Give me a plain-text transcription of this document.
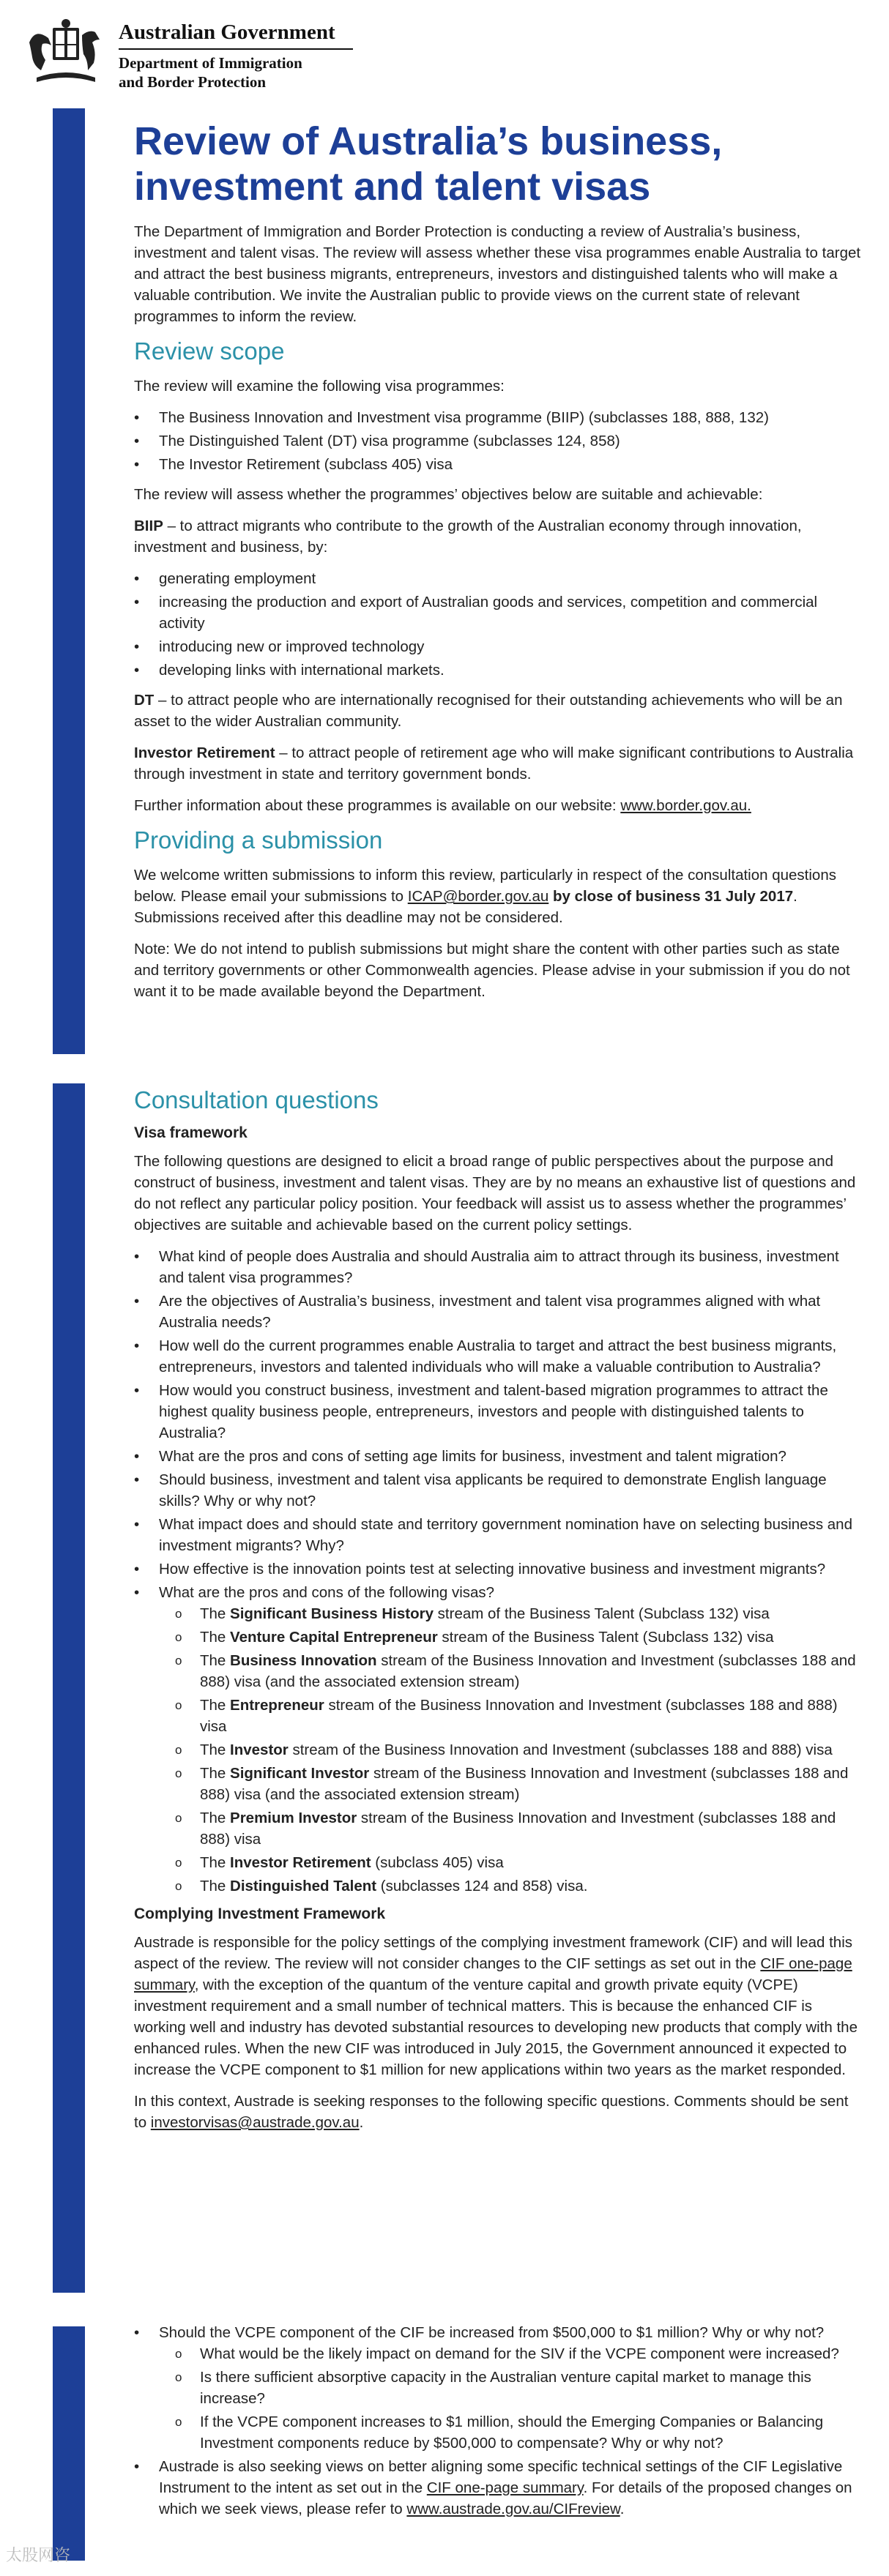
Australian Government
Department of Immigration
and Border Protection
Review of Australia’s business, investment and talent visas

The Department of Immigration and Border Protection is conducting a review of Australia’s business, investment and talent visas. The review will assess whether these visa programmes enable Australia to target and attract the best business migrants, entrepreneurs, investors and distinguished talents who will make a valuable contribution. We invite the Australian public to provide views on the current state of relevant programmes to inform the review.

Review scope

The review will examine the following visa programmes:

• The Business Innovation and Investment visa programme (BIIP) (subclasses 188, 888, 132)
• The Distinguished Talent (DT) visa programme (subclasses 124, 858)
• The Investor Retirement (subclass 405) visa

The review will assess whether the programmes’ objectives below are suitable and achievable:

BIIP – to attract migrants who contribute to the growth of the Australian economy through innovation, investment and business, by:

• generating employment
• increasing the production and export of Australian goods and services, competition and commercial activity
• introducing new or improved technology
• developing links with international markets.

DT – to attract people who are internationally recognised for their outstanding achievements who will be an asset to the wider Australian community.

Investor Retirement – to attract people of retirement age who will make significant contributions to Australia through investment in state and territory government bonds.

Further information about these programmes is available on our website: www.border.gov.au.

Providing a submission

We welcome written submissions to inform this review, particularly in respect of the consultation questions below. Please email your submissions to ICAP@border.gov.au by close of business 31 July 2017. Submissions received after this deadline may not be considered.

Note: We do not intend to publish submissions but might share the content with other parties such as state and territory governments or other Commonwealth agencies. Please advise in your submission if you do not want it to be made available beyond the Department.

Consultation questions
Visa framework

The following questions are designed to elicit a broad range of public perspectives about the purpose and construct of business, investment and talent visas. They are by no means an exhaustive list of questions and do not reflect any particular policy position. Your feedback will assist us to assess whether the programmes’ objectives are suitable and achievable based on the current policy settings.

• What kind of people does Australia and should Australia aim to attract through its business, investment and talent visa programmes?
• Are the objectives of Australia’s business, investment and talent visa programmes aligned with what Australia needs?
• How well do the current programmes enable Australia to target and attract the best business migrants, entrepreneurs, investors and talented individuals who will make a valuable contribution to Australia?
• How would you construct business, investment and talent-based migration programmes to attract the highest quality business people, entrepreneurs, investors and people with distinguished talents to Australia?
• What are the pros and cons of setting age limits for business, investment and talent migration?
• Should business, investment and talent visa applicants be required to demonstrate English language skills? Why or why not?
• What impact does and should state and territory government nomination have on selecting business and investment migrants? Why?
• How effective is the innovation points test at selecting innovative business and investment migrants?
• What are the pros and cons of the following visas?
o The Significant Business History stream of the Business Talent (Subclass 132) visa
o The Venture Capital Entrepreneur stream of the Business Talent (Subclass 132) visa
o The Business Innovation stream of the Business Innovation and Investment (subclasses 188 and 888) visa (and the associated extension stream)
o The Entrepreneur stream of the Business Innovation and Investment (subclasses 188 and 888) visa
o The Investor stream of the Business Innovation and Investment (subclasses 188 and 888) visa
o The Significant Investor stream of the Business Innovation and Investment (subclasses 188 and 888) visa (and the associated extension stream)
o The Premium Investor stream of the Business Innovation and Investment (subclasses 188 and 888) visa
o The Investor Retirement (subclass 405) visa
o The Distinguished Talent (subclasses 124 and 858) visa.
Complying Investment Framework

Austrade is responsible for the policy settings of the complying investment framework (CIF) and will lead this aspect of the review. The review will not consider changes to the CIF settings as set out in the CIF one-page summary, with the exception of the quantum of the venture capital and growth private equity (VCPE) investment requirement and a small number of technical matters. This is because the enhanced CIF is working well and industry has devoted substantial resources to developing new products that comply with the enhanced rules. When the new CIF was introduced in July 2015, the Government announced it expected to increase the VCPE component to $1 million for new applications within two years as the market responded.

In this context, Austrade is seeking responses to the following specific questions. Comments should be sent to investorvisas@austrade.gov.au.

• Should the VCPE component of the CIF be increased from $500,000 to $1 million? Why or why not?
o What would be the likely impact on demand for the SIV if the VCPE component were increased?
o Is there sufficient absorptive capacity in the Australian venture capital market to manage this increase?
o If the VCPE component increases to $1 million, should the Emerging Companies or Balancing Investment components reduce by $500,000 to compensate? Why or why not?
• Austrade is also seeking views on better aligning some specific technical settings of the CIF Legislative Instrument to the intent as set out in the CIF one-page summary. For details of the proposed changes on which we seek views, please refer to www.austrade.gov.au/CIFreview.
太股网咨
